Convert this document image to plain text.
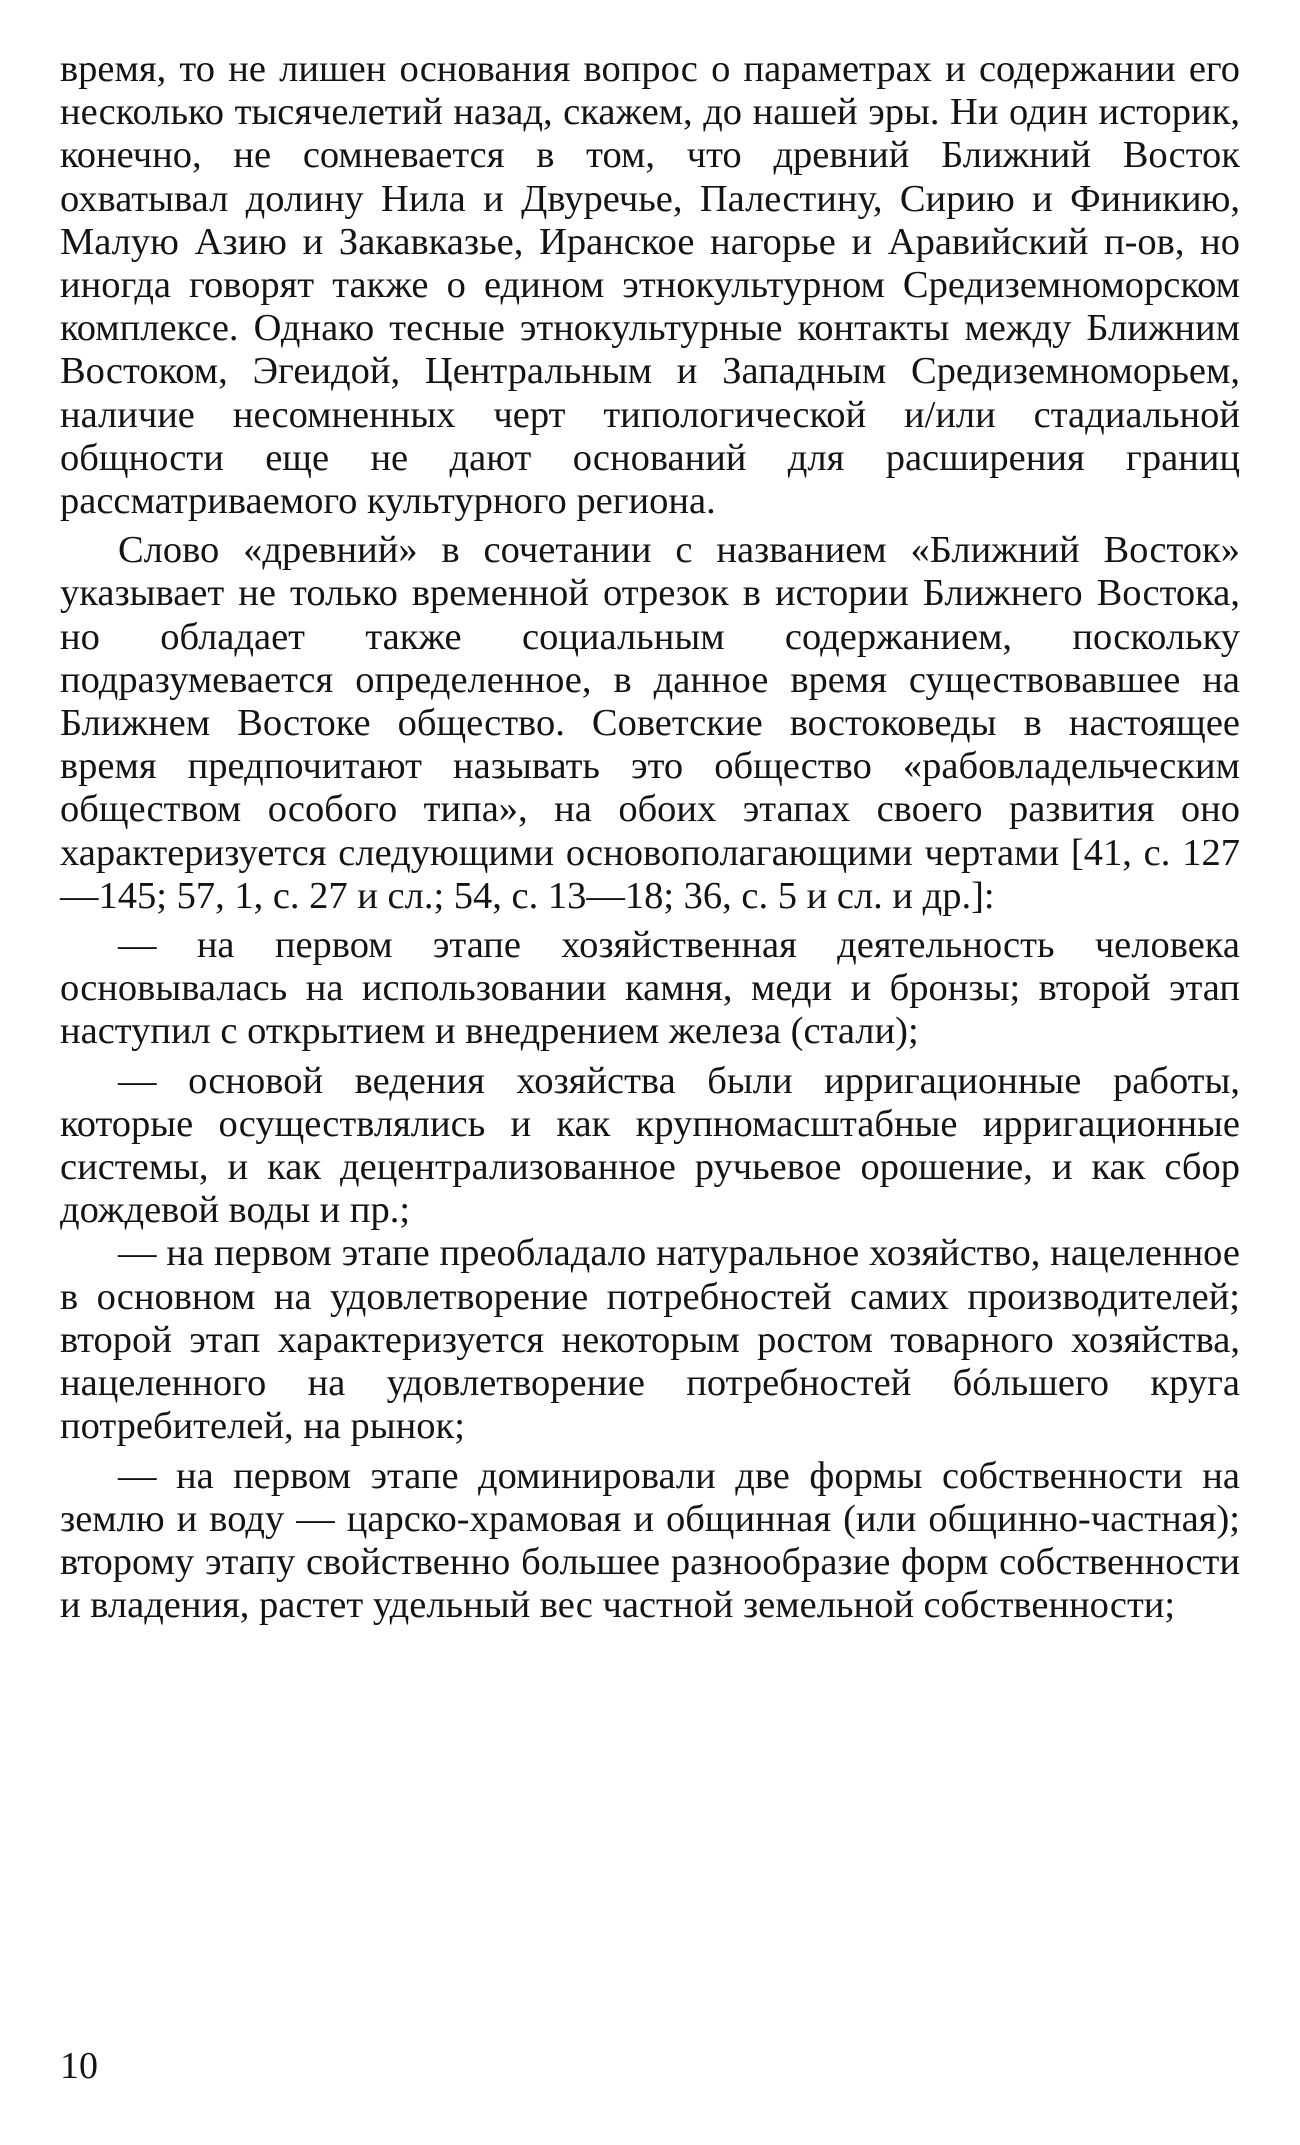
время, то не лишен основания вопрос о параметрах и содержании его несколько тысячелетий назад, скажем, до нашей эры. Ни один историк, конечно, не сомневается в том, что древний Ближний Восток охватывал долину Нила и Двуречье, Палестину, Сирию и Финикию, Малую Азию и Закавказье, Иранское нагорье и Аравийский п-ов, но иногда говорят также о едином этнокультурном Средиземноморском комплексе. Однако тесные этнокультурные контакты между Ближним Востоком, Эгеидой, Центральным и Западным Средиземноморьем, наличие несомненных черт типологической и/или стадиальной общности еще не дают оснований для расширения границ рассматриваемого культурного региона.

Слово «древний» в сочетании с названием «Ближний Восток» указывает не только временной отрезок в истории Ближнего Востока, но обладает также социальным содержанием, поскольку подразумевается определенное, в данное время существовавшее на Ближнем Востоке общество. Советские востоковеды в настоящее время предпочитают называть это общество «рабовладельческим обществом особого типа», на обоих этапах своего развития оно характеризуется следующими основополагающими чертами [41, с. 127—145; 57, 1, с. 27 и сл.; 54, с. 13—18; 36, с. 5 и сл. и др.]:

— на первом этапе хозяйственная деятельность человека основывалась на использовании камня, меди и бронзы; второй этап наступил с открытием и внедрением железа (стали);

— основой ведения хозяйства были ирригационные работы, которые осуществлялись и как крупномасштабные ирригационные системы, и как децентрализованное ручьевое орошение, и как сбор дождевой воды и пр.;

— на первом этапе преобладало натуральное хозяйство, нацеленное в основном на удовлетворение потребностей самих производителей; второй этап характеризуется некоторым ростом товарного хозяйства, нацеленного на удовлетворение потребностей бóльшего круга потребителей, на рынок;

— на первом этапе доминировали две формы собственности на землю и воду — царско-храмовая и общинная (или общинно-частная); второму этапу свойственно большее разнообразие форм собственности и владения, растет удельный вес частной земельной собственности;

10
